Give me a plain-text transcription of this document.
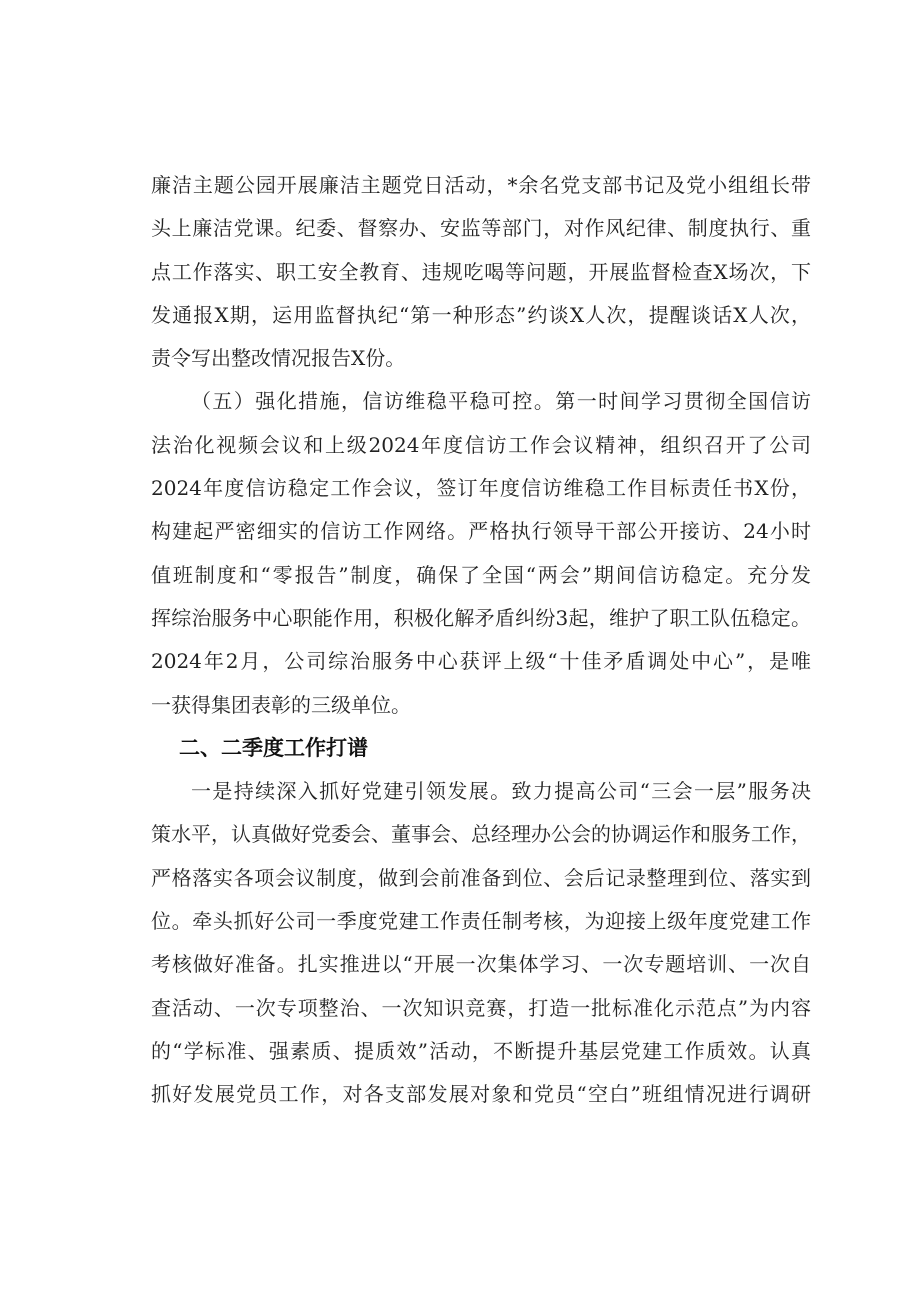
廉洁主题公园开展廉洁主题党日活动，*余名党支部书记及党小组组长带
头上廉洁党课。纪委、督察办、安监等部门，对作风纪律、制度执行、重
点工作落实、职工安全教育、违规吃喝等问题，开展监督检查X场次，下
发通报X期，运用监督执纪“第一种形态”约谈X人次，提醒谈话X人次，
责令写出整改情况报告X份。
（五）强化措施，信访维稳平稳可控。第一时间学习贯彻全国信访
法治化视频会议和上级2024年度信访工作会议精神，组织召开了公司
2024年度信访稳定工作会议，签订年度信访维稳工作目标责任书X份，
构建起严密细实的信访工作网络。严格执行领导干部公开接访、24小时
值班制度和“零报告”制度，确保了全国“两会”期间信访稳定。充分发
挥综治服务中心职能作用，积极化解矛盾纠纷3起，维护了职工队伍稳定。
2024年2月，公司综治服务中心获评上级“十佳矛盾调处中心”，是唯
一获得集团表彰的三级单位。
二、二季度工作打谱
一是持续深入抓好党建引领发展。致力提高公司“三会一层”服务决
策水平，认真做好党委会、董事会、总经理办公会的协调运作和服务工作，
严格落实各项会议制度，做到会前准备到位、会后记录整理到位、落实到
位。牵头抓好公司一季度党建工作责任制考核，为迎接上级年度党建工作
考核做好准备。扎实推进以“开展一次集体学习、一次专题培训、一次自
查活动、一次专项整治、一次知识竞赛，打造一批标准化示范点”为内容
的“学标准、强素质、提质效”活动，不断提升基层党建工作质效。认真
抓好发展党员工作，对各支部发展对象和党员“空白”班组情况进行调研
